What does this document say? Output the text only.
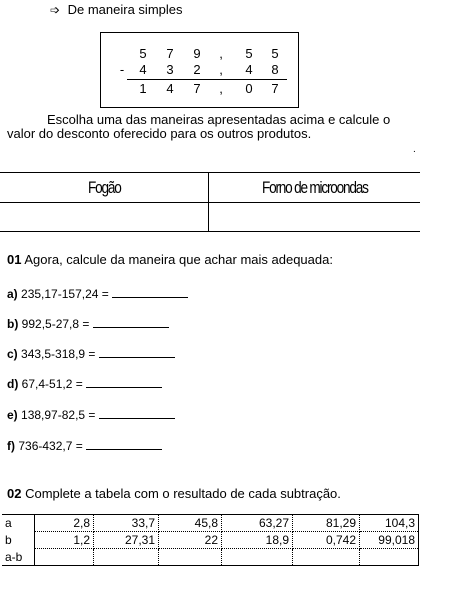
➩ De maneira simples
5 7 9	,	5 5
- 4 3 2	,	4 8
1 4 7	,	0 7
Escolha uma das maneiras apresentadas acima e calcule o
valor do desconto oferecido para os outros produtos.
.
Fogão	Forno de microondas
01 Agora, calcule da maneira que achar mais adequada:
a) 235,17-157,24 =
b) 992,5-27,8 =
c) 343,5-318,9 =
d) 67,4-51,2 =
e) 138,97-82,5 =
f) 736-432,7 =
02 Complete a tabela com o resultado de cada subtração.
a	2,8	33,7	45,8	63,27	81,29	104,3
b	1,2	27,31	22	18,9	0,742	99,018
a-b						
